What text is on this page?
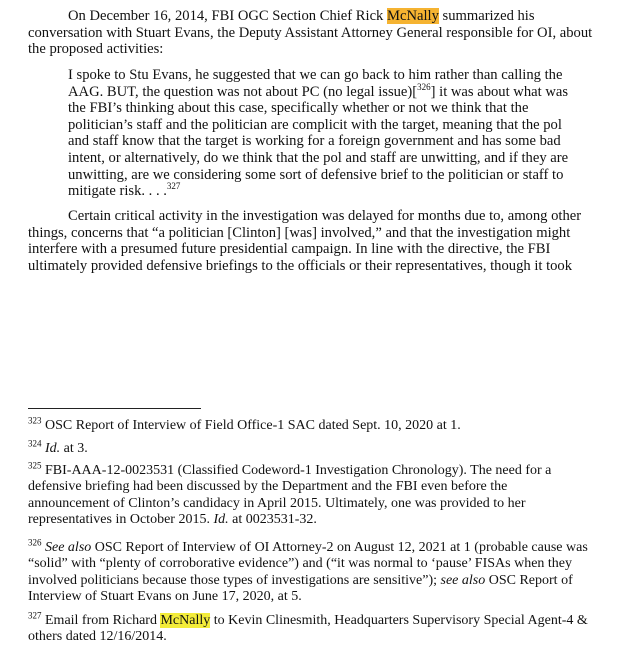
On December 16, 2014, FBI OGC Section Chief Rick McNally summarized his conversation with Stuart Evans, the Deputy Assistant Attorney General responsible for OI, about the proposed activities:
I spoke to Stu Evans, he suggested that we can go back to him rather than calling the AAG. BUT, the question was not about PC (no legal issue)[$^{326}$] it was about what was the FBI’s thinking about this case, specifically whether or not we think that the politician’s staff and the politician are complicit with the target, meaning that the pol and staff know that the target is working for a foreign government and has some bad intent, or alternatively, do we think that the pol and staff are unwitting, and if they are unwitting, are we considering some sort of defensive brief to the politician or staff to mitigate risk. . . .$^{327}$
Certain critical activity in the investigation was delayed for months due to, among other things, concerns that “a politician [Clinton] [was] involved,” and that the investigation might interfere with a presumed future presidential campaign. In line with the directive, the FBI ultimately provided defensive briefings to the officials or their representatives, though it took
$^{323}$ OSC Report of Interview of Field Office-1 SAC dated Sept. 10, 2020 at 1.
$^{324}$ Id. at 3.
$^{325}$ FBI-AAA-12-0023531 (Classified Codeword-1 Investigation Chronology). The need for a defensive briefing had been discussed by the Department and the FBI even before the announcement of Clinton’s candidacy in April 2015. Ultimately, one was provided to her representatives in October 2015. Id. at 0023531-32.
$^{326}$ See also OSC Report of Interview of OI Attorney-2 on August 12, 2021 at 1 (probable cause was “solid” with “plenty of corroborative evidence”) and (“it was normal to ‘pause’ FISAs when they involved politicians because those types of investigations are sensitive”); see also OSC Report of Interview of Stuart Evans on June 17, 2020, at 5.
$^{327}$ Email from Richard McNally to Kevin Clinesmith, Headquarters Supervisory Special Agent-4 & others dated 12/16/2014.
